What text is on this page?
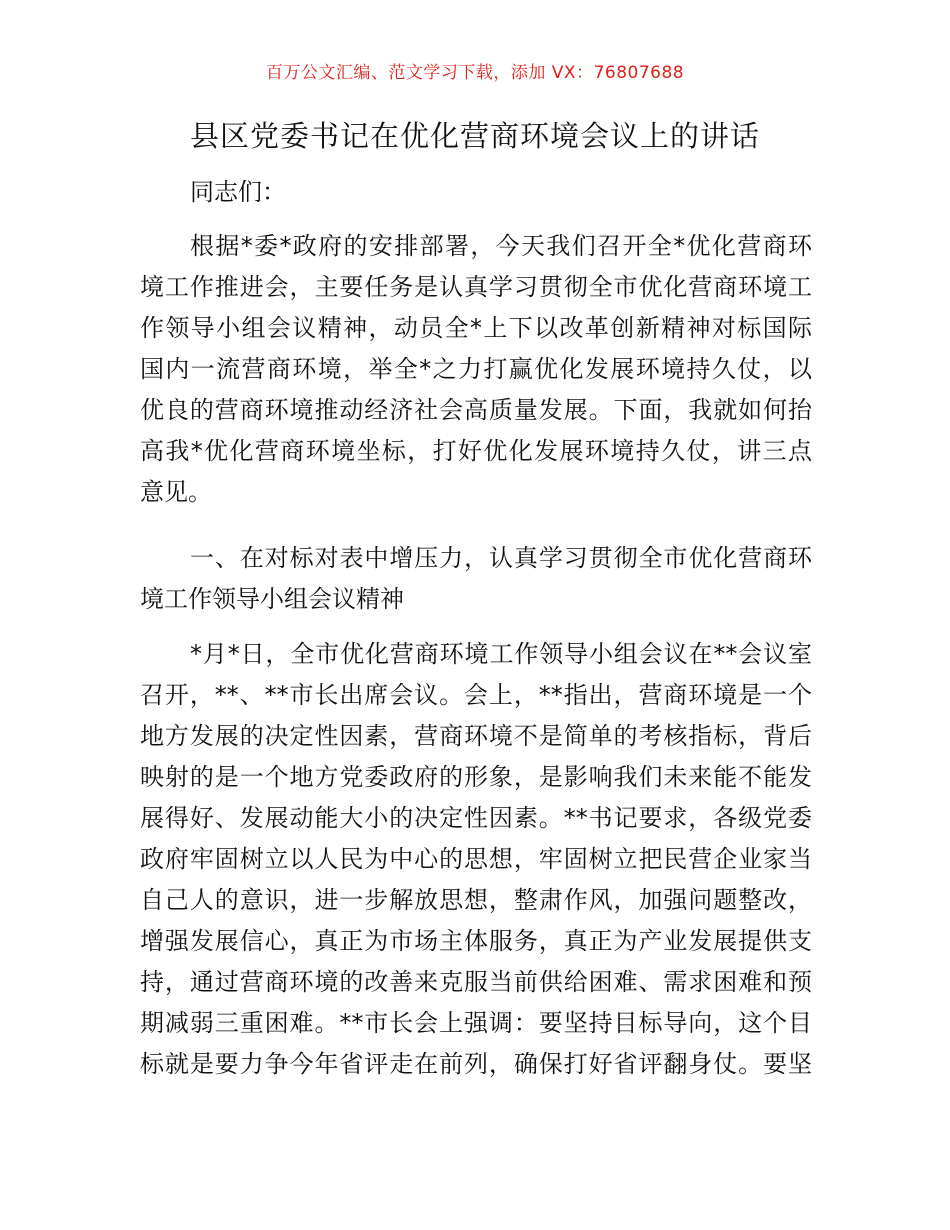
百万公文汇编、范文学习下载，添加 VX：76807688
县区党委书记在优化营商环境会议上的讲话
同志们：
根据*委*政府的安排部署，今天我们召开全*优化营商环
境工作推进会，主要任务是认真学习贯彻全市优化营商环境工
作领导小组会议精神，动员全*上下以改革创新精神对标国际
国内一流营商环境，举全*之力打赢优化发展环境持久仗，以
优良的营商环境推动经济社会高质量发展。下面，我就如何抬
高我*优化营商环境坐标，打好优化发展环境持久仗，讲三点
意见。
一、在对标对表中增压力，认真学习贯彻全市优化营商环
境工作领导小组会议精神
*月*日，全市优化营商环境工作领导小组会议在**会议室
召开，**、**市长出席会议。会上，**指出，营商环境是一个
地方发展的决定性因素，营商环境不是简单的考核指标，背后
映射的是一个地方党委政府的形象，是影响我们未来能不能发
展得好、发展动能大小的决定性因素。**书记要求，各级党委
政府牢固树立以人民为中心的思想，牢固树立把民营企业家当
自己人的意识，进一步解放思想，整肃作风，加强问题整改，
增强发展信心，真正为市场主体服务，真正为产业发展提供支
持，通过营商环境的改善来克服当前供给困难、需求困难和预
期减弱三重困难。**市长会上强调：要坚持目标导向，这个目
标就是要力争今年省评走在前列，确保打好省评翻身仗。要坚
